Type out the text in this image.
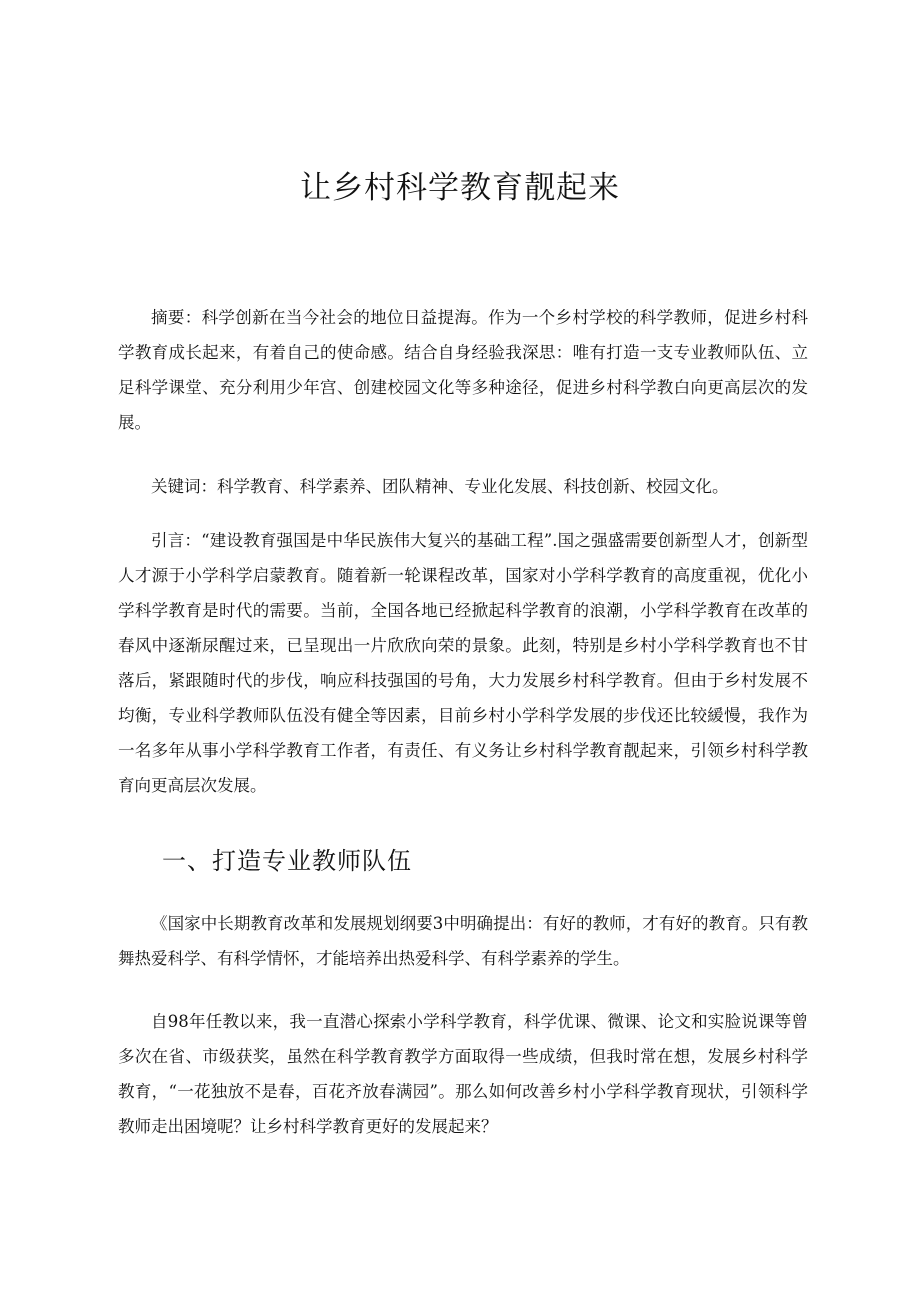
让乡村科学教育靓起来

摘要：科学创新在当今社会的地位日益提海。作为一个乡村学校的科学教师，促进乡村科学教育成长起来，有着自己的使命感。结合自身经验我深思：唯有打造一支专业教师队伍、立足科学课堂、充分利用少年宫、创建校园文化等多种途径，促进乡村科学教白向更高层次的发展。

关键词：科学教育、科学素养、团队精神、专业化发展、科技创新、校园文化。

引言：“建设教育强国是中华民族伟大复兴的基础工程”.国之强盛需要创新型人才，创新型人才源于小学科学启蒙教育。随着新一轮课程改革，国家对小学科学教育的高度重视，优化小学科学教育是时代的需要。当前，全国各地已经掀起科学教育的浪潮，小学科学教育在改革的春风中逐渐尿醒过来，已呈现出一片欣欣向荣的景象。此刻，特别是乡村小学科学教育也不甘落后，紧跟随时代的步伐，响应科技强国的号角，大力发展乡村科学教育。但由于乡村发展不均衡，专业科学教师队伍没有健全等因素，目前乡村小学科学发展的步伐还比较緩慢，我作为一名多年从事小学科学教育工作者，有责任、有义务让乡村科学教育靓起来，引领乡村科学教育向更高层次发展。

一、打造专业教师队伍

《国家中长期教育改革和发展规划纲要3中明确提出：有好的教师，才有好的教育。只有教舞热爱科学、有科学情怀，才能培养出热爱科学、有科学素养的学生。

自98年任教以来，我一直潜心探索小学科学教育，科学优课、微课、论文和实脸说课等曾多次在省、市级获奖，虽然在科学教育教学方面取得一些成绩，但我时常在想，发展乡村科学教育，“一花独放不是春，百花齐放春满园”。那么如何改善乡村小学科学教育现状，引领科学教师走出困境呢？让乡村科学教育更好的发展起来？
